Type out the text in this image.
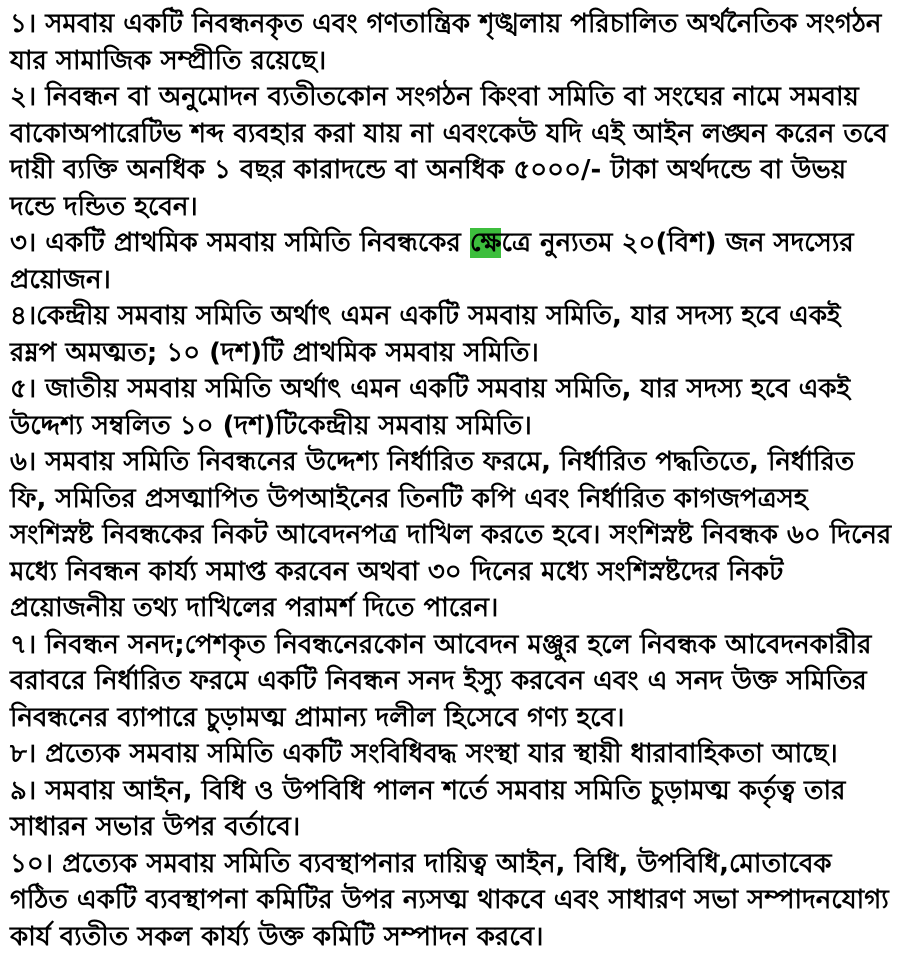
১। সমবায় একটি নিবন্ধনকৃত এবং গণতান্ত্রিক শৃঙ্খলায় পরিচালিত অর্থনৈতিক সংগঠন যার সামাজিক সম্প্রীতি রয়েছে।

২। নিবন্ধন বা অনুমোদন ব্যতীতকোন সংগঠন কিংবা সমিতি বা সংঘের নামে সমবায় বাকোঅপারেটিভ শব্দ ব্যবহার করা যায় না এবংকেউ যদি এই আইন লঙ্ঘন করেন তবে দায়ী ব্যক্তি অনধিক ১ বছর কারাদন্ডে বা অনধিক ৫০০০/- টাকা অর্থদন্ডে বা উভয় দন্ডে দন্ডিত হবেন।

৩। একটি প্রাথমিক সমবায় সমিতি নিবন্ধকের ক্ষেত্রে নুন্যতম ২০(বিশ) জন সদস্যের প্রয়োজন।

৪।কেন্দ্রীয় সমবায় সমিতি অর্থাৎ এমন একটি সমবায় সমিতি, যার সদস্য হবে একই রম্নপ অমত্মত; ১০ (দশ)টি প্রাথমিক সমবায় সমিতি।

৫। জাতীয় সমবায় সমিতি অর্থাৎ এমন একটি সমবায় সমিতি, যার সদস্য হবে একই উদ্দেশ্য সম্বলিত ১০ (দশ)টিকেন্দ্রীয় সমবায় সমিতি।

৬। সমবায় সমিতি নিবন্ধনের উদ্দেশ্য নির্ধারিত ফরমে, নির্ধারিত পদ্ধতিতে, নির্ধারিত ফি, সমিতির প্রসত্মাপিত উপআইনের তিনটি কপি এবং নির্ধারিত কাগজপত্রসহ সংশিস্নষ্ট নিবন্ধকের নিকট আবেদনপত্র দাখিল করতে হবে। সংশিস্নষ্ট নিবন্ধক ৬০ দিনের মধ্যে নিবন্ধন কার্য্য সমাপ্ত করবেন অথবা ৩০ দিনের মধ্যে সংশিস্নষ্টদের নিকট প্রয়োজনীয় তথ্য দাখিলের পরামর্শ দিতে পারেন।

৭। নিবন্ধন সনদ;পেশকৃত নিবন্ধনেরকোন আবেদন মঞ্জুর হলে নিবন্ধক আবেদনকারীর বরাবরে নির্ধারিত ফরমে একটি নিবন্ধন সনদ ইস্যু করবেন এবং এ সনদ উক্ত সমিতির নিবন্ধনের ব্যাপারে চুড়ামত্ম প্রামান্য দলীল হিসেবে গণ্য হবে।

৮। প্রত্যেক সমবায় সমিতি একটি সংবিধিবদ্ধ সংস্থা যার স্থায়ী ধারাবাহিকতা আছে।

৯। সমবায় আইন, বিধি ও উপবিধি পালন শর্তে সমবায় সমিতি চুড়ামত্ম কর্তৃত্ব তার সাধারন সভার উপর বর্তাবে।

১০। প্রত্যেক সমবায় সমিতি ব্যবস্থাপনার দায়িত্ব আইন, বিধি, উপবিধি,মোতাবেক গঠিত একটি ব্যবস্থাপনা কমিটির উপর ন্যসত্ম থাকবে এবং সাধারণ সভা সম্পাদনযোগ্য কার্য ব্যতীত সকল কার্য্য উক্ত কমিটি সম্পাদন করবে।
